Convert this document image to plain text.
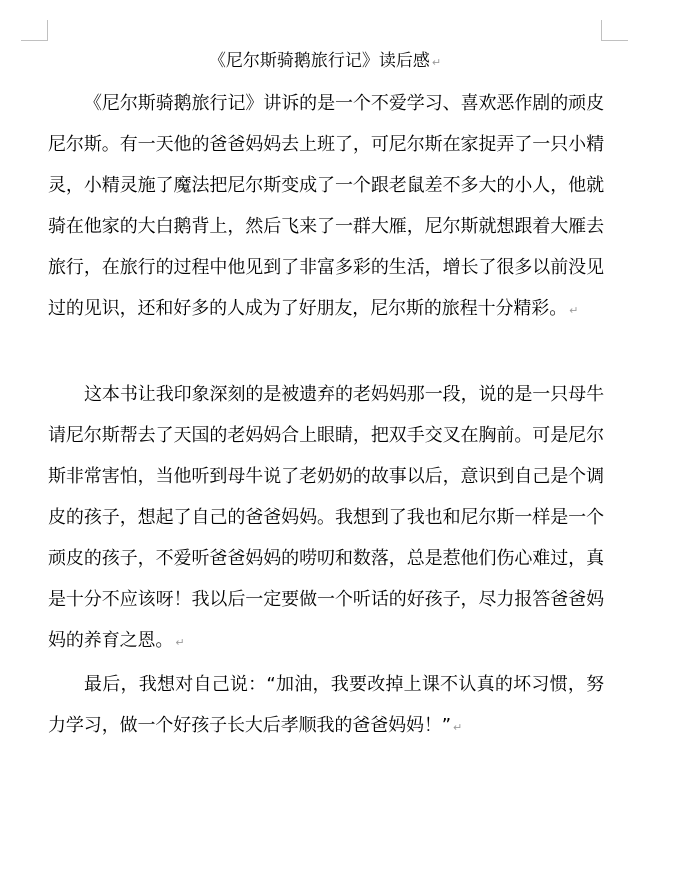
《尼尔斯骑鹅旅行记》读后感 ↵

《尼尔斯骑鹅旅行记》讲诉的是一个不爱学习、喜欢恶作剧的顽皮尼尔斯。有一天他的爸爸妈妈去上班了，可尼尔斯在家捉弄了一只小精灵，小精灵施了魔法把尼尔斯变成了一个跟老鼠差不多大的小人，他就骑在他家的大白鹅背上，然后飞来了一群大雁，尼尔斯就想跟着大雁去旅行，在旅行的过程中他见到了非富多彩的生活，增长了很多以前没见过的见识，还和好多的人成为了好朋友，尼尔斯的旅程十分精彩。 ↵

这本书让我印象深刻的是被遗弃的老妈妈那一段，说的是一只母牛请尼尔斯帮去了天国的老妈妈合上眼睛，把双手交叉在胸前。可是尼尔斯非常害怕，当他听到母牛说了老奶奶的故事以后，意识到自己是个调皮的孩子，想起了自己的爸爸妈妈。我想到了我也和尼尔斯一样是一个顽皮的孩子，不爱听爸爸妈妈的唠叨和数落，总是惹他们伤心难过，真是十分不应该呀！我以后一定要做一个听话的好孩子，尽力报答爸爸妈妈的养育之恩。 ↵

最后，我想对自己说：“加油，我要改掉上课不认真的坏习惯，努力学习，做一个好孩子长大后孝顺我的爸爸妈妈！” ↵
